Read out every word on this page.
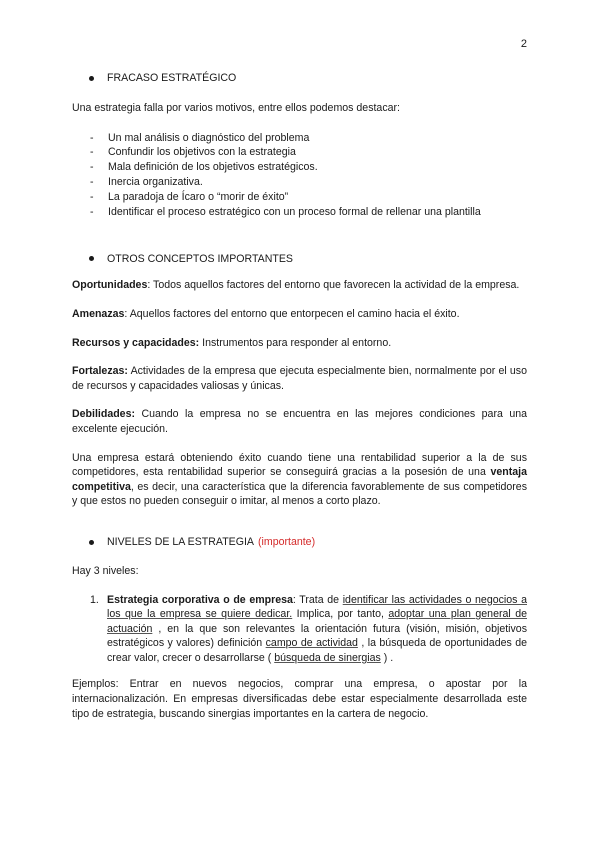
2
FRACASO ESTRATÉGICO

Una estrategia falla por varios motivos, entre ellos podemos destacar:

- Un mal análisis o diagnóstico del problema
- Confundir los objetivos con la estrategia
- Mala definición de los objetivos estratégicos.
- Inercia organizativa.
- La paradoja de Ícaro o “morir de éxito”
- Identificar el proceso estratégico con un proceso formal de rellenar una plantilla
OTROS CONCEPTOS IMPORTANTES

Oportunidades: Todos aquellos factores del entorno que favorecen la actividad de la empresa.

Amenazas: Aquellos factores del entorno que entorpecen el camino hacia el éxito.

Recursos y capacidades: Instrumentos para responder al entorno.

Fortalezas: Actividades de la empresa que ejecuta especialmente bien, normalmente por el uso de recursos y capacidades valiosas y únicas.

Debilidades: Cuando la empresa no se encuentra en las mejores condiciones para una excelente ejecución.

Una empresa estará obteniendo éxito cuando tiene una rentabilidad superior a la de sus competidores, esta rentabilidad superior se conseguirá gracias a la posesión de una ventaja competitiva, es decir, una característica que la diferencia favorablemente de sus competidores y que estos no pueden conseguir o imitar, al menos a corto plazo.

NIVELES DE LA ESTRATEGIA (importante)

Hay 3 niveles:

1. Estrategia corporativa o de empresa: Trata de identificar las actividades o negocios a los que la empresa se quiere dedicar. Implica, por tanto, adoptar una plan general de actuación , en la que son relevantes la orientación futura (visión, misión, objetivos estratégicos y valores) definición campo de actividad , la búsqueda de oportunidades de crear valor, crecer o desarrollarse ( búsqueda de sinergias ) .

Ejemplos: Entrar en nuevos negocios, comprar una empresa, o apostar por la internacionalización. En empresas diversificadas debe estar especialmente desarrollada este tipo de estrategia, buscando sinergias importantes en la cartera de negocio.
